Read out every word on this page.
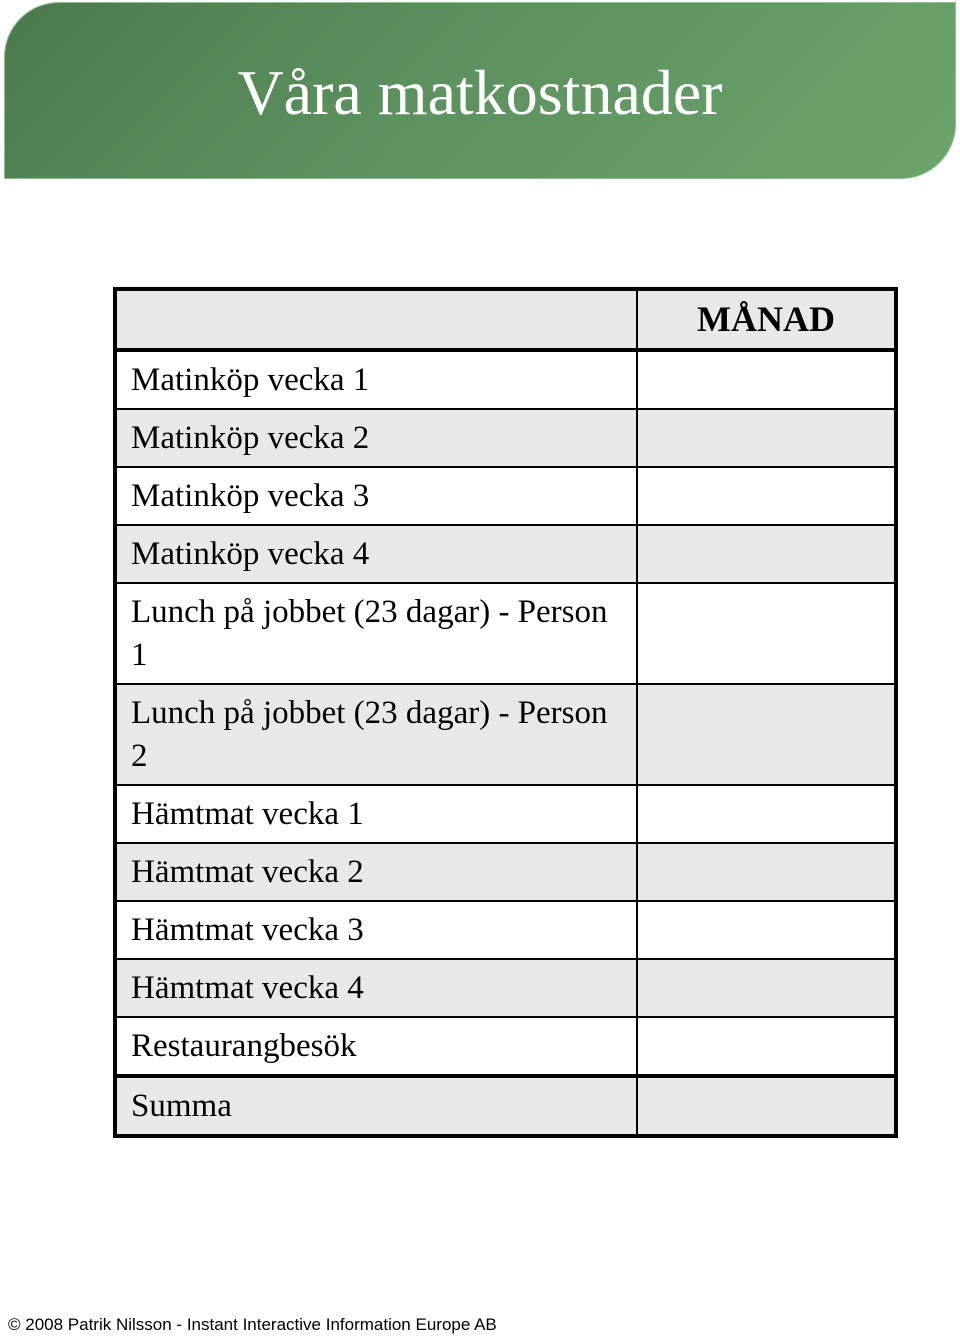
Våra matkostnader
	MÅNAD
Matinköp vecka 1	
Matinköp vecka 2	
Matinköp vecka 3	
Matinköp vecka 4	
Lunch på jobbet (23 dagar) - Person 1	
Lunch på jobbet (23 dagar) - Person 2	
Hämtmat vecka 1	
Hämtmat vecka 2	
Hämtmat vecka 3	
Hämtmat vecka 4	
Restaurangbesök	
Summa	
© 2008 Patrik Nilsson - Instant Interactive Information Europe AB
